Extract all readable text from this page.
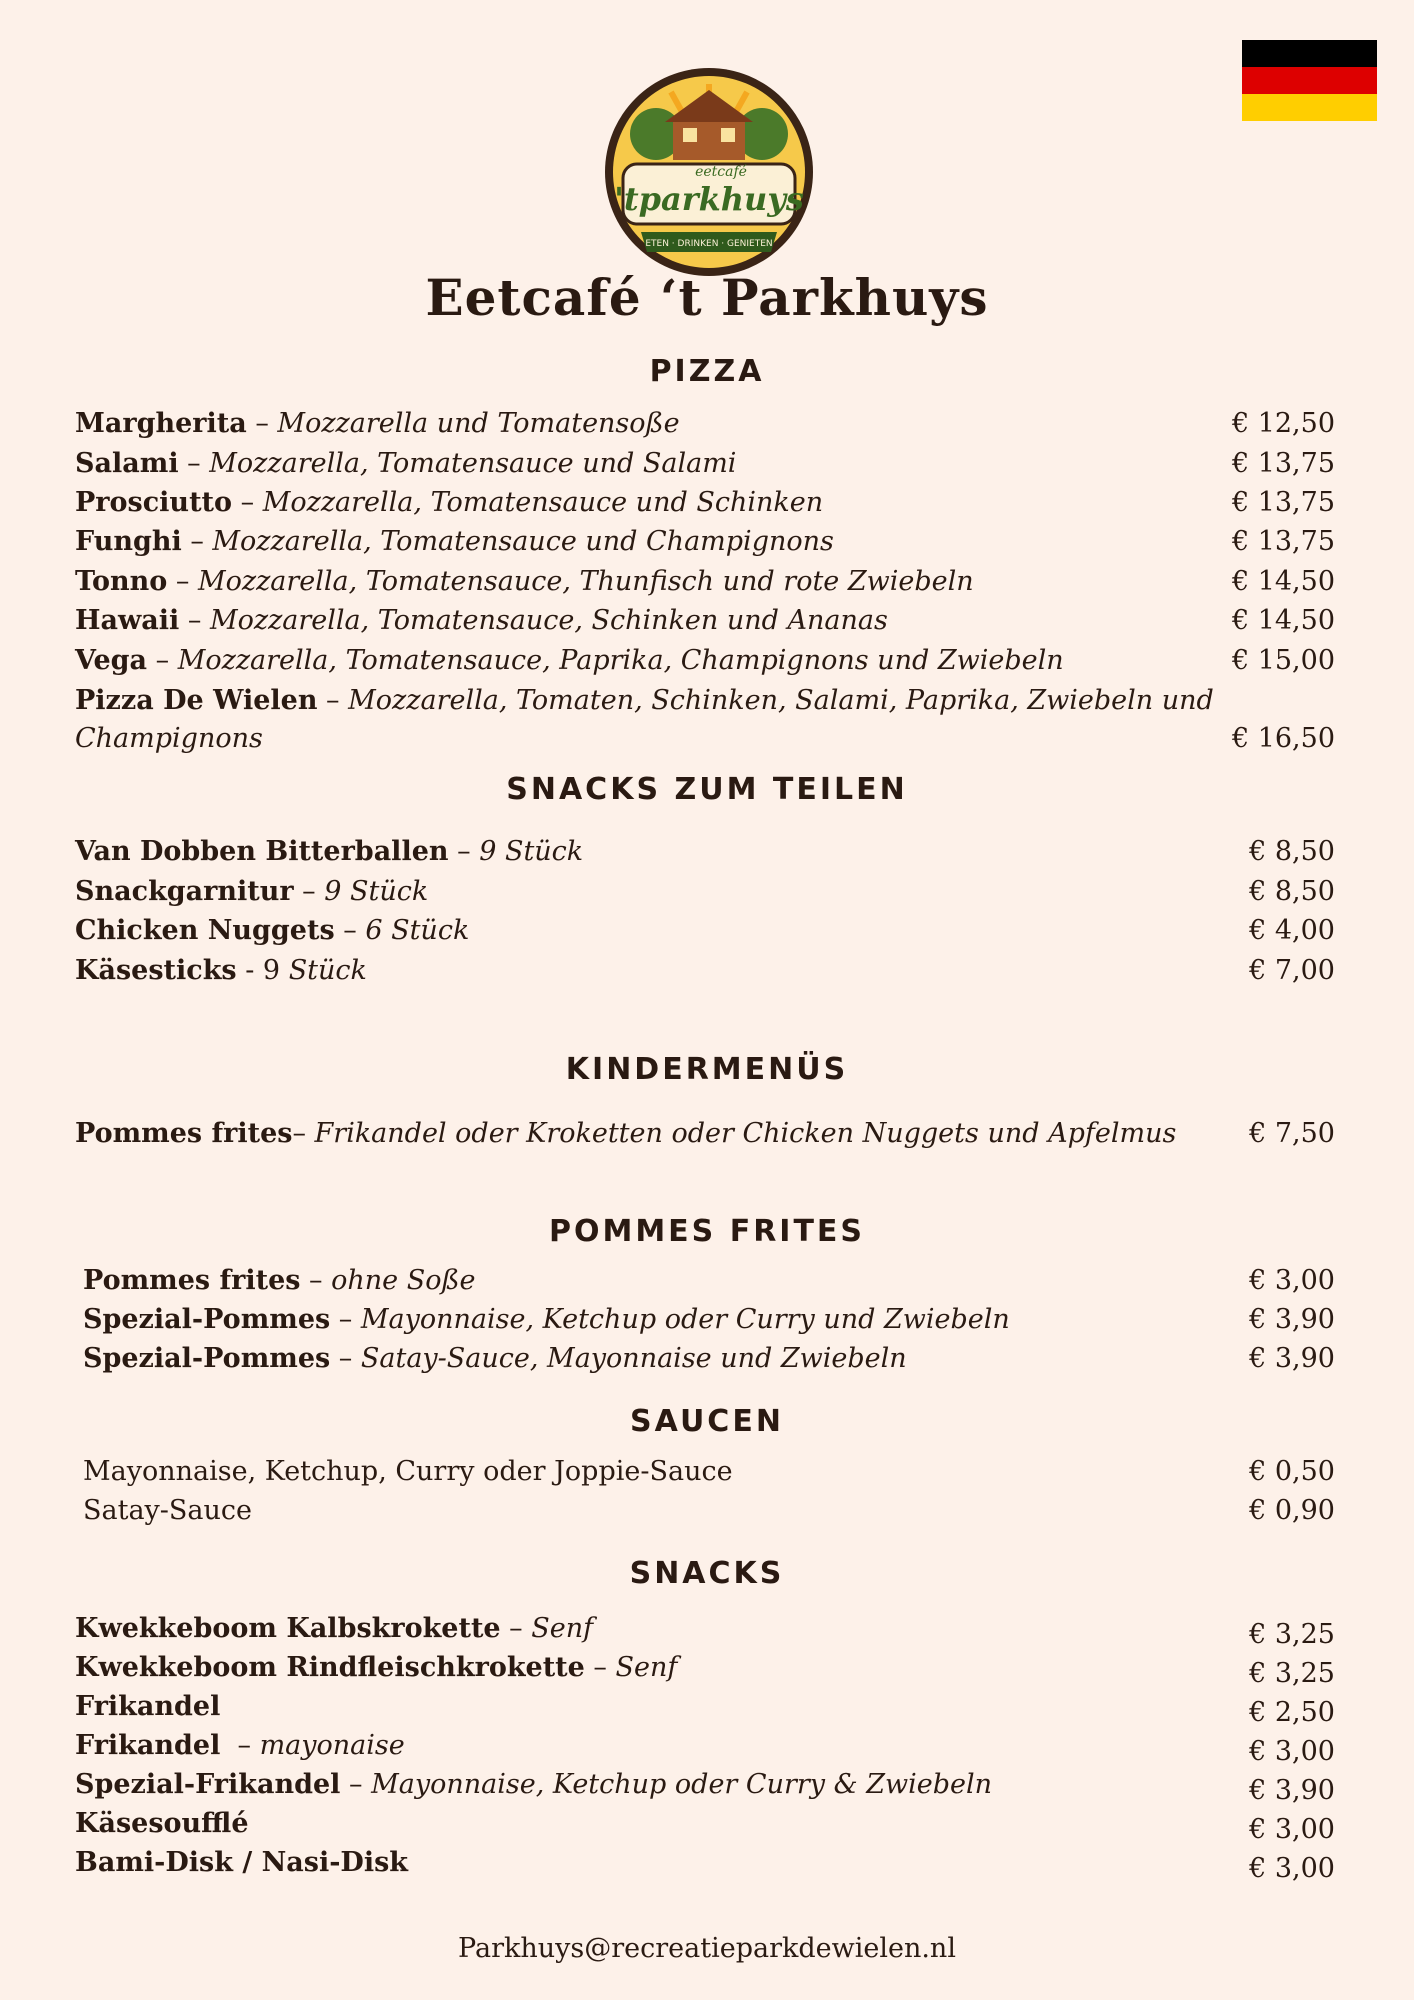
eetcafé
'tparkhuys
ETEN · DRINKEN · GENIETEN
Eetcafé ‘t Parkhuys
PIZZA
Margherita – Mozzarella und Tomatensoße	€ 12,50
Salami – Mozzarella, Tomatensauce und Salami	€ 13,75
Prosciutto – Mozzarella, Tomatensauce und Schinken	€ 13,75
Funghi – Mozzarella, Tomatensauce und Champignons	€ 13,75
Tonno – Mozzarella, Tomatensauce, Thunfisch und rote Zwiebeln	€ 14,50
Hawaii – Mozzarella, Tomatensauce, Schinken und Ananas	€ 14,50
Vega – Mozzarella, Tomatensauce, Paprika, Champignons und Zwiebeln	€ 15,00
Pizza De Wielen – Mozzarella, Tomaten, Schinken, Salami, Paprika, Zwiebeln und Champignons	€ 16,50
SNACKS ZUM TEILEN
Van Dobben Bitterballen – 9 Stück	€ 8,50
Snackgarnitur – 9 Stück	€ 8,50
Chicken Nuggets – 6 Stück	€ 4,00
Käsesticks - 9 Stück	€ 7,00
KINDERMENÜS
Pommes frites– Frikandel oder Kroketten oder Chicken Nuggets und Apfelmus	€ 7,50
POMMES FRITES
Pommes frites – ohne Soße	€ 3,00
Spezial-Pommes – Mayonnaise, Ketchup oder Curry und Zwiebeln	€ 3,90
Spezial-Pommes – Satay-Sauce, Mayonnaise und Zwiebeln	€ 3,90
SAUCEN
Mayonnaise, Ketchup, Curry oder Joppie-Sauce	€ 0,50
Satay-Sauce	€ 0,90
SNACKS
Kwekkeboom Kalbskrokette – Senf	€ 3,25
Kwekkeboom Rindfleischkrokette – Senf	€ 3,25
Frikandel	€ 2,50
Frikandel  – mayonaise	€ 3,00
Spezial-Frikandel – Mayonnaise, Ketchup oder Curry & Zwiebeln	€ 3,90
Käsesoufflé	€ 3,00
Bami-Disk / Nasi-Disk	€ 3,00
Parkhuys@recreatieparkdewielen.nl
